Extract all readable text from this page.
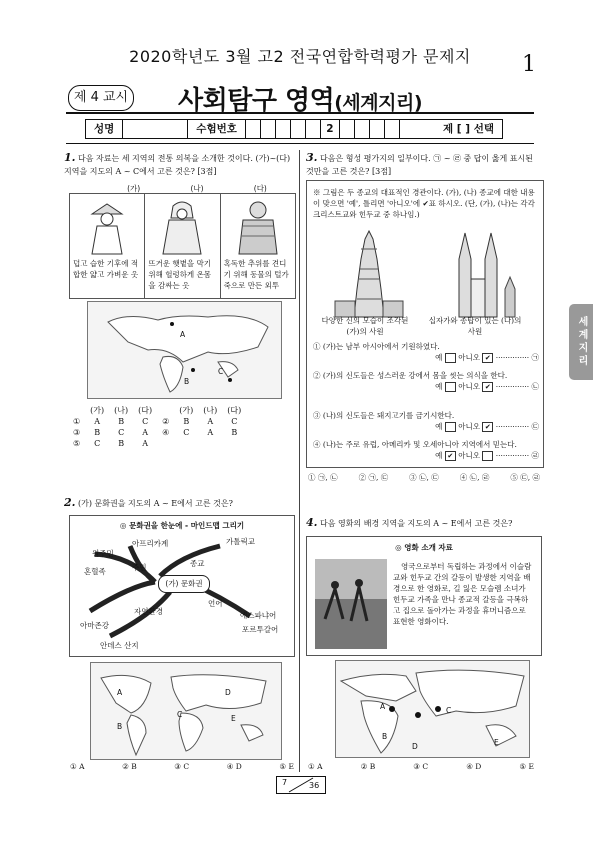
2020학년도 3월 고2 전국연합학력평가 문제지	1
제 4 교시 사회탐구 영역(세계지리)
성명	수험번호	2	제 [ ] 선택
세계지리
1. 다음 자료는 세 지역의 전통 의복을 소개한 것이다. (가)~(다) 지역을 지도의 A ~ C에서 고른 것은? [3점]
(가)	(나)	(다)
덥고 습한 기후에 적합한 얇고 가벼운 옷
뜨거운 햇볕을 막기 위해 헐렁하게 온몸을 감싸는 옷
혹독한 추위를 견디기 위해 동물의 털가죽으로 만든 외투
A
B
C
	(가)	(나)	(다)		(가)	(나)	(다)
①	A	B	C	②	B	A	C
③	B	C	A	④	C	A	B
⑤	C	B	A				
2. (가) 문화권을 지도의 A ~ E에서 고른 것은?
◎ 문화권을 한눈에 - 마인드맵 그리기
(가) 문화권
주민	종교
언어
자연환경
아프리카계
원주민
혼혈족
가톨릭교
에스파냐어
포르투갈어
아마존강
안데스 산지
A
B
C
D
E
① A	② B	③ C	④ D	⑤ E
3. 다음은 형성 평가지의 일부이다. ㉠ ~ ㉣ 중 답이 옳게 표시된 것만을 고른 것은? [3점]
※ 그림은 두 종교의 대표적인 경관이다. (가), (나) 종교에 대한 내용이 맞으면 '예', 틀리면 '아니오'에 ✔표 하시오. (단, (가), (나)는 각각 크리스트교와 힌두교 중 하나임.)
다양한 신의 모습이 조각된 (가)의 사원
십자가와 종탑이 있는 (나)의 사원
① (가)는 남부 아시아에서 기원하였다.
예 아니오 ✔ ·············· ㉠
② (가)의 신도들은 성스러운 강에서 몸을 씻는 의식을 한다.
예 아니오 ✔ ·············· ㉡
③ (나)의 신도들은 돼지고기를 금기시한다.
예 아니오 ✔ ·············· ㉢
④ (나)는 주로 유럽, 아메리카 및 오세아니아 지역에서 믿는다.
예 ✔ 아니오  ·············· ㉣
① ㉠, ㉡	② ㉠, ㉢	③ ㉡, ㉢	④ ㉡, ㉣	⑤ ㉢, ㉣
4. 다음 영화의 배경 지역을 지도의 A ~ E에서 고른 것은?
◎ 영화 소개 자료
영국으로부터 독립하는 과정에서 이슬람교와 힌두교 간의 갈등이 발생한 지역을 배경으로 한 영화로, 길 잃은 모슬렘 소녀가 힌두교 가족을 만나 종교적 갈등을 극복하고 집으로 돌아가는 과정을 휴머니즘으로 표현한 영화이다.
A
B
C
D	E
① A	② B	③ C	④ D	⑤ E
7	36
